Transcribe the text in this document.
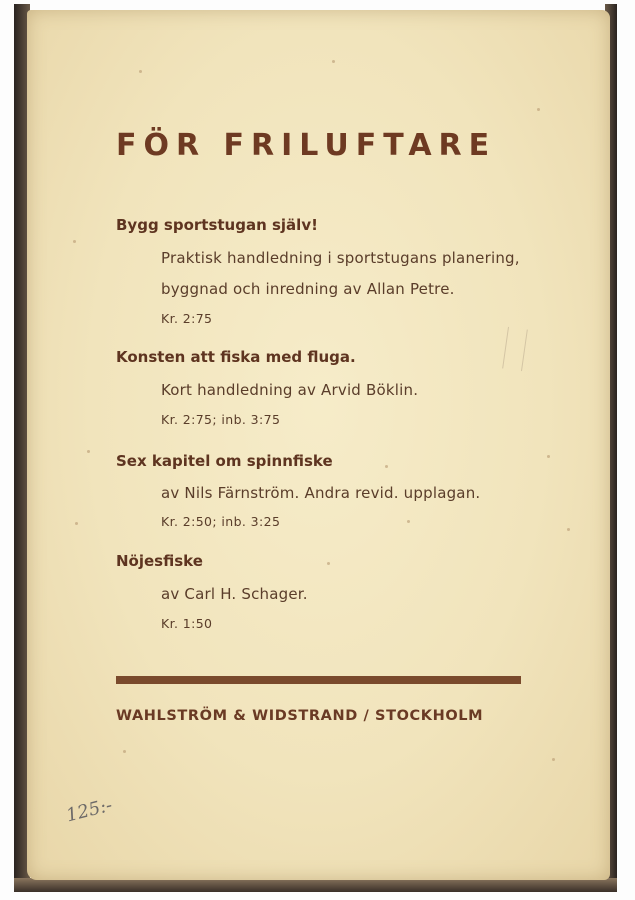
FÖR FRILUFTARE
Bygg sportstugan själv!
Praktisk handledning i sportstugans planering,
byggnad och inredning av Allan Petre.
Kr. 2:75
Konsten att fiska med fluga.
Kort handledning av Arvid Böklin.
Kr. 2:75; inb. 3:75
Sex kapitel om spinnfiske
av Nils Färnström. Andra revid. upplagan.
Kr. 2:50; inb. 3:25
Nöjesfiske
av Carl H. Schager.
Kr. 1:50
WAHLSTRÖM & WIDSTRAND / STOCKHOLM
125:-
